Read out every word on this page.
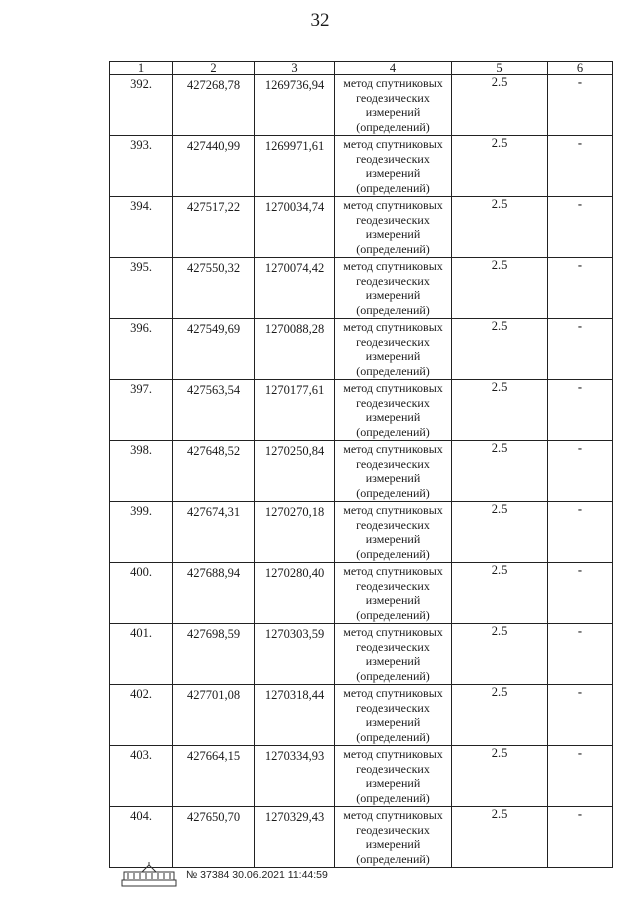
32
1	2	3	4	5	6
392.	427268,78	1269736,94	метод спутниковых геодезических измерений (определений)	2.5	-
393.	427440,99	1269971,61	метод спутниковых геодезических измерений (определений)	2.5	-
394.	427517,22	1270034,74	метод спутниковых геодезических измерений (определений)	2.5	-
395.	427550,32	1270074,42	метод спутниковых геодезических измерений (определений)	2.5	-
396.	427549,69	1270088,28	метод спутниковых геодезических измерений (определений)	2.5	-
397.	427563,54	1270177,61	метод спутниковых геодезических измерений (определений)	2.5	-
398.	427648,52	1270250,84	метод спутниковых геодезических измерений (определений)	2.5	-
399.	427674,31	1270270,18	метод спутниковых геодезических измерений (определений)	2.5	-
400.	427688,94	1270280,40	метод спутниковых геодезических измерений (определений)	2.5	-
401.	427698,59	1270303,59	метод спутниковых геодезических измерений (определений)	2.5	-
402.	427701,08	1270318,44	метод спутниковых геодезических измерений (определений)	2.5	-
403.	427664,15	1270334,93	метод спутниковых геодезических измерений (определений)	2.5	-
404.	427650,70	1270329,43	метод спутниковых геодезических измерений (определений)	2.5	-
№ 37384 30.06.2021 11:44:59
